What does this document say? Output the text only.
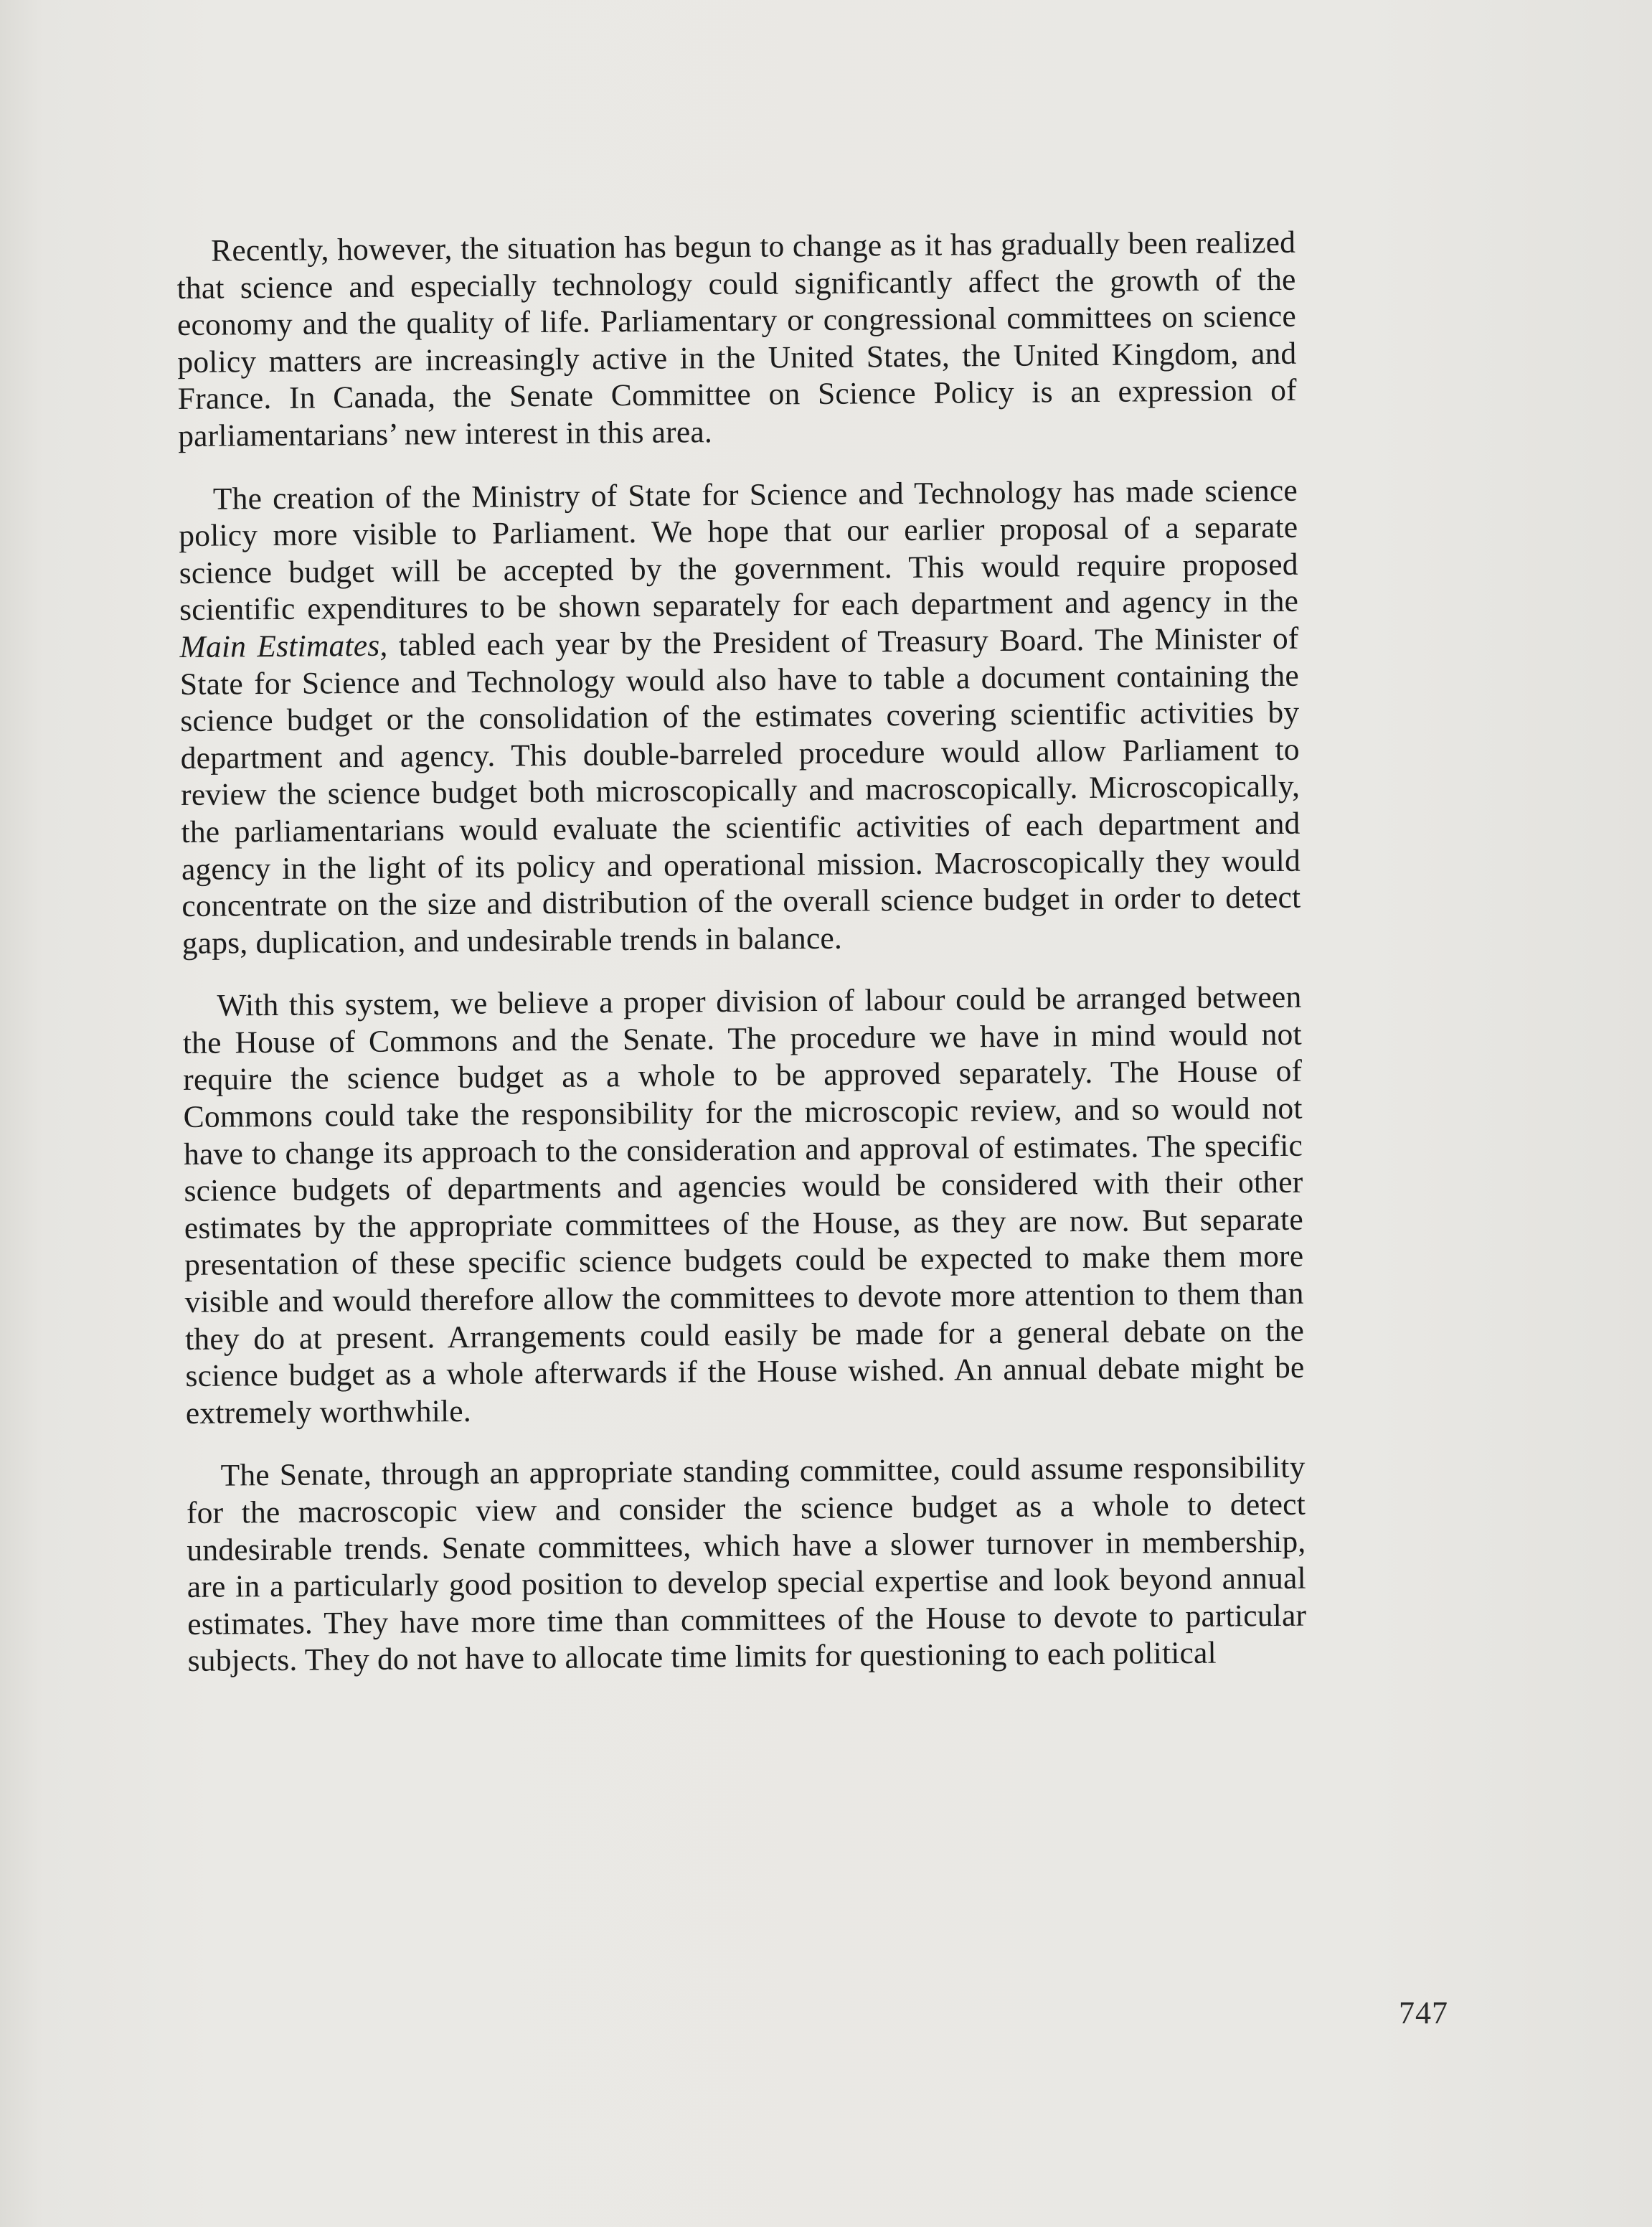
Recently, however, the situation has begun to change as it has gradually been realized that science and especially technology could significantly affect the growth of the economy and the quality of life. Parliamentary or congressional committees on science policy matters are increasingly active in the United States, the United Kingdom, and France. In Canada, the Senate Committee on Science Policy is an expression of parliamentarians’ new interest in this area.

The creation of the Ministry of State for Science and Technology has made science policy more visible to Parliament. We hope that our earlier proposal of a separate science budget will be accepted by the government. This would require proposed scientific expenditures to be shown separately for each department and agency in the Main Estimates, tabled each year by the President of Treasury Board. The Minister of State for Science and Technology would also have to table a document containing the science budget or the consolidation of the estimates covering scientific activities by department and agency. This double-barreled procedure would allow Parliament to review the science budget both microscopically and macroscopically. Microscopically, the parliamentarians would evaluate the scientific activities of each department and agency in the light of its policy and operational mission. Macroscopically they would concentrate on the size and distribution of the overall science budget in order to detect gaps, duplication, and undesirable trends in balance.

With this system, we believe a proper division of labour could be arranged between the House of Commons and the Senate. The procedure we have in mind would not require the science budget as a whole to be approved separately. The House of Commons could take the responsibility for the microscopic review, and so would not have to change its approach to the consideration and approval of estimates. The specific science budgets of departments and agencies would be considered with their other estimates by the appropriate committees of the House, as they are now. But separate presentation of these specific science budgets could be expected to make them more visible and would therefore allow the committees to devote more attention to them than they do at present. Arrangements could easily be made for a general debate on the science budget as a whole afterwards if the House wished. An annual debate might be extremely worthwhile.

The Senate, through an appropriate standing committee, could assume responsibility for the macroscopic view and consider the science budget as a whole to detect undesirable trends. Senate committees, which have a slower turnover in membership, are in a particularly good position to develop special expertise and look beyond annual estimates. They have more time than committees of the House to devote to particular subjects. They do not have to allocate time limits for questioning to each political

747
